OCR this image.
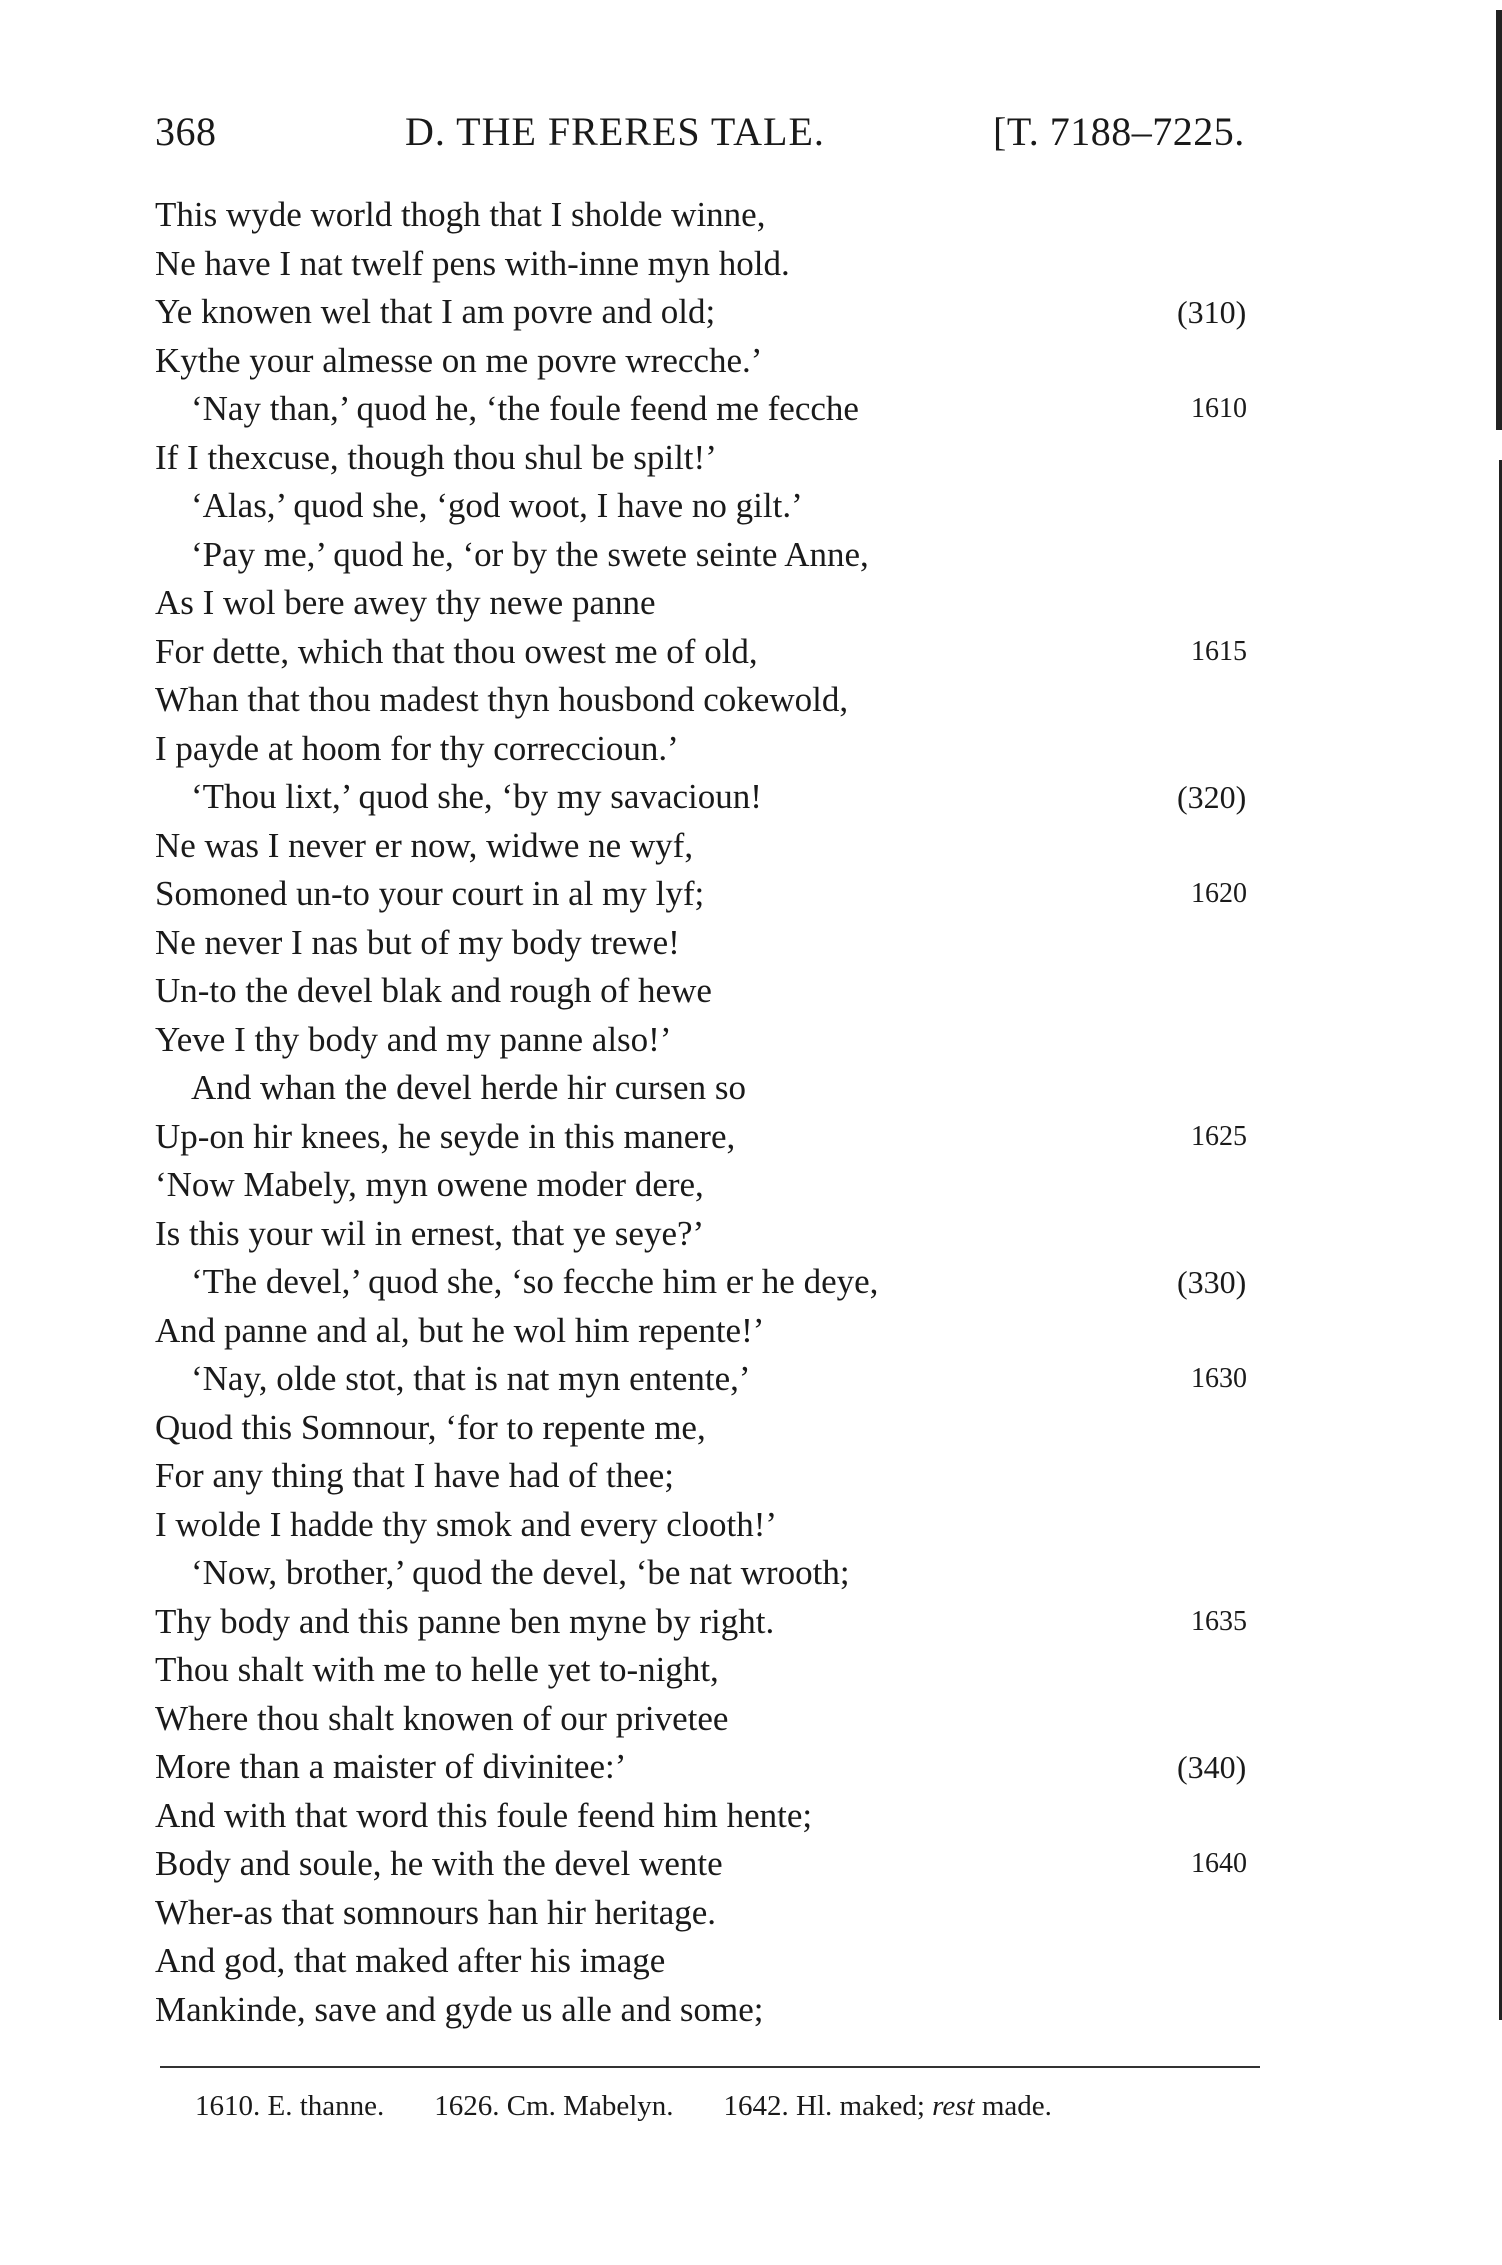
368	D. THE FRERES TALE.	[T. 7188–7225.
This wyde world thogh that I sholde winne,
Ne have I nat twelf pens with-inne myn hold.
Ye knowen wel that I am povre and old;	(310)
Kythe your almesse on me povre wrecche.’
‘Nay than,’ quod he, ‘the foule feend me fecche	1610
If I thexcuse, though thou shul be spilt!’
‘Alas,’ quod she, ‘god woot, I have no gilt.’
‘Pay me,’ quod he, ‘or by the swete seinte Anne,
As I wol bere awey thy newe panne
For dette, which that thou owest me of old,	1615
Whan that thou madest thyn housbond cokewold,
I payde at hoom for thy correccioun.’
‘Thou lixt,’ quod she, ‘by my savacioun!	(320)
Ne was I never er now, widwe ne wyf,
Somoned un-to your court in al my lyf;	1620
Ne never I nas but of my body trewe!
Un-to the devel blak and rough of hewe
Yeve I thy body and my panne also!’
And whan the devel herde hir cursen so
Up-on hir knees, he seyde in this manere,	1625
‘Now Mabely, myn owene moder dere,
Is this your wil in ernest, that ye seye?’
‘The devel,’ quod she, ‘so fecche him er he deye,	(330)
And panne and al, but he wol him repente!’
‘Nay, olde stot, that is nat myn entente,’	1630
Quod this Somnour, ‘for to repente me,
For any thing that I have had of thee;
I wolde I hadde thy smok and every clooth!’
‘Now, brother,’ quod the devel, ‘be nat wrooth;
Thy body and this panne ben myne by right.	1635
Thou shalt with me to helle yet to-night,
Where thou shalt knowen of our privetee
More than a maister of divinitee:’	(340)
And with that word this foule feend him hente;
Body and soule, he with the devel wente	1640
Wher-as that somnours han hir heritage.
And god, that maked after his image
Mankinde, save and gyde us alle and some;
1610. E. thanne. 1626. Cm. Mabelyn. 1642. Hl. maked; rest made.
